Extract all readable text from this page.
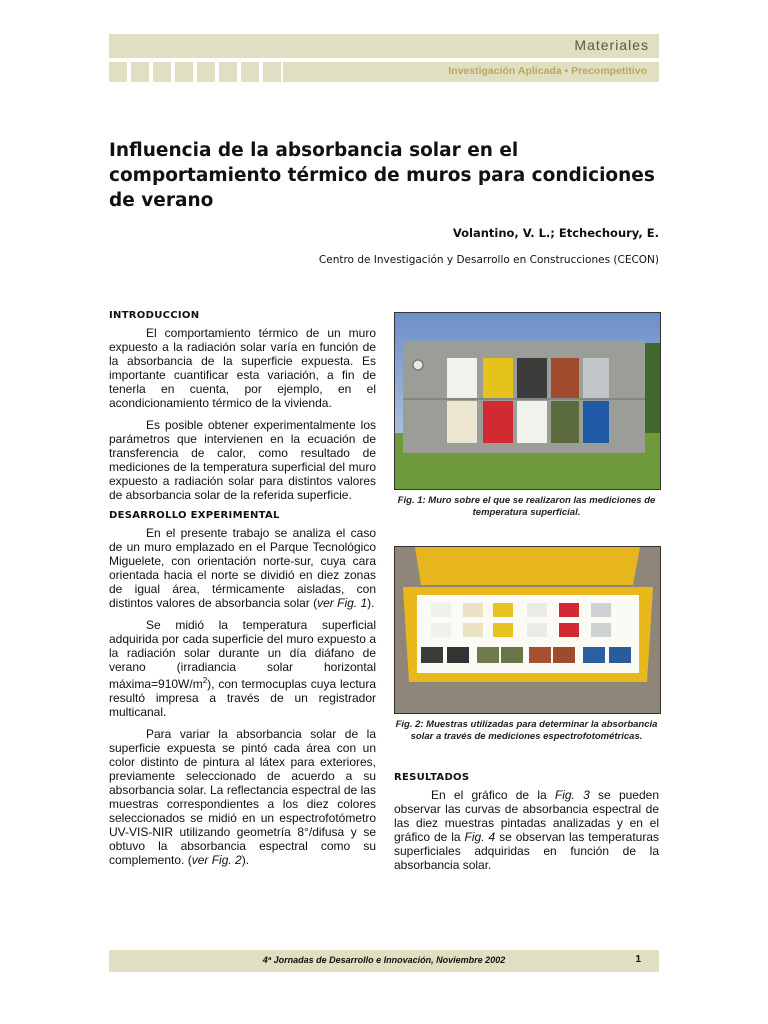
Materiales
Investigación Aplicada • Precompetitivo
Influencia de la absorbancia solar en el comportamiento térmico de muros para condiciones de verano
Volantino, V. L.; Etchechoury, E.
Centro de Investigación y Desarrollo en Construcciones (CECON)
INTRODUCCION

El comportamiento térmico de un muro expuesto a la radiación solar varía en función de la absorbancia de la superficie expuesta. Es importante cuantificar esta variación, a fin de tenerla en cuenta, por ejemplo, en el acondicionamiento térmico de la vivienda.

Es posible obtener experimentalmente los parámetros que intervienen en la ecuación de transferencia de calor, como resultado de mediciones de la temperatura superficial del muro expuesto a radiación solar para distintos valores de absorbancia solar de la referida superficie.

DESARROLLO EXPERIMENTAL

En el presente trabajo se analiza el caso de un muro emplazado en el Parque Tecnológico Miguelete, con orientación norte-sur, cuya cara orientada hacia el norte se dividió en diez zonas de igual área, térmicamente aisladas, con distintos valores de absorbancia solar (ver Fig. 1).

Se midió la temperatura superficial adquirida por cada superficie del muro expuesto a la radiación solar durante un día diáfano de verano (irradiancia solar horizontal $máxima=910W/m^2$), con termocuplas cuya lectura resultó impresa a través de un registrador multicanal.

Para variar la absorbancia solar de la superficie expuesta se pintó cada área con un color distinto de pintura al látex para exteriores, previamente seleccionado de acuerdo a su absorbancia solar. La reflectancia espectral de las muestras correspondientes a los diez colores seleccionados se midió en un espectrofotómetro UV-VIS-NIR utilizando geometría 8°/difusa y se obtuvo la absorbancia espectral como su complemento. (ver Fig. 2).

Fig. 1: Muro sobre el que se realizaron las mediciones de temperatura superficial.
Fig. 2: Muestras utilizadas para determinar la absorbancia solar a través de mediciones espectrofotométricas.
RESULTADOS

En el gráfico de la Fig. 3 se pueden observar las curvas de absorbancia espectral de las diez muestras pintadas analizadas y en el gráfico de la Fig. 4 se observan las temperaturas superficiales adquiridas en función de la absorbancia solar.

4ª Jornadas de Desarrollo e Innovación, Noviembre 2002	1
